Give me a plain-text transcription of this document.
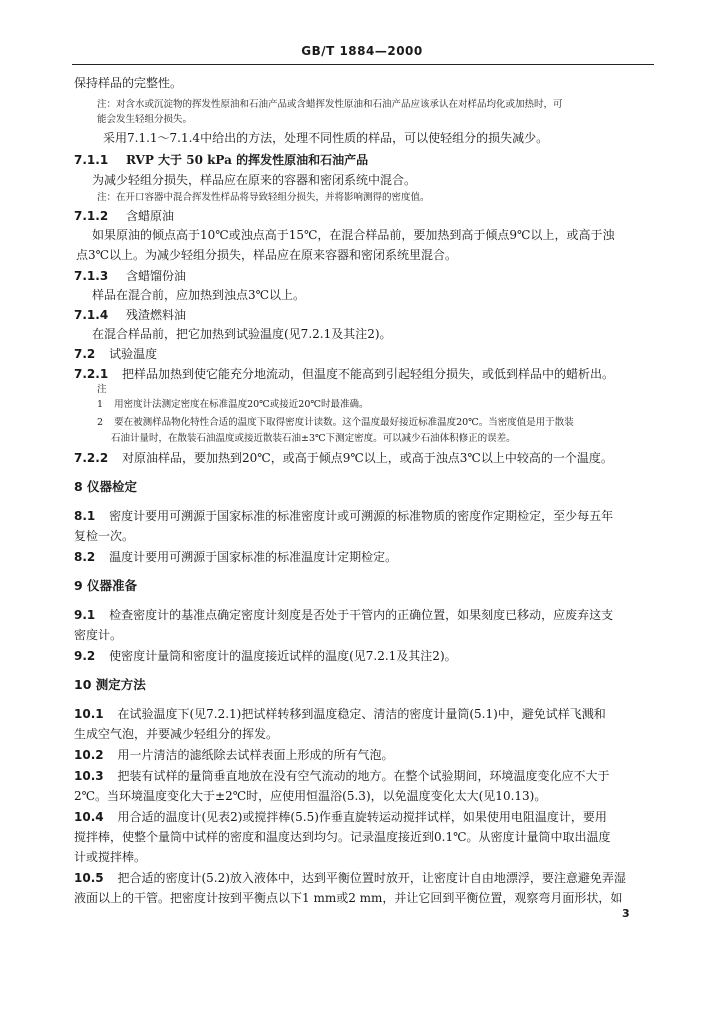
GB/T 1884—2000
保持样品的完整性。
注：对含水或沉淀物的挥发性原油和石油产品或含蜡挥发性原油和石油产品应该承认在对样品均化或加热时，可
能会发生轻组分损失。
采用7.1.1～7.1.4中给出的方法，处理不同性质的样品，可以使轻组分的损失减少。
7.1.1 RVP 大于 50 kPa 的挥发性原油和石油产品
为减少轻组分损失，样品应在原来的容器和密闭系统中混合。
注：在开口容器中混合挥发性样品将导致轻组分损失，并将影响测得的密度值。
7.1.2 含蜡原油
如果原油的倾点高于10℃或浊点高于15℃，在混合样品前，要加热到高于倾点9℃以上，或高于浊
点3℃以上。为减少轻组分损失，样品应在原来容器和密闭系统里混合。
7.1.3 含蜡馏份油
样品在混合前，应加热到浊点3℃以上。
7.1.4 残渣燃料油
在混合样品前，把它加热到试验温度(见7.2.1及其注2)。
7.2 试验温度
7.2.1 把样品加热到使它能充分地流动，但温度不能高到引起轻组分损失，或低到样品中的蜡析出。
注
1 用密度计法测定密度在标准温度20℃或接近20℃时最准确。
2 要在被测样品物化特性合适的温度下取得密度计读数。这个温度最好接近标准温度20℃。当密度值是用于散装
石油计量时，在散装石油温度或接近散装石油±3℃下测定密度。可以减少石油体积修正的误差。
7.2.2 对原油样品，要加热到20℃，或高于倾点9℃以上，或高于浊点3℃以上中较高的一个温度。
8 仪器检定
8.1 密度计要用可溯源于国家标准的标准密度计或可溯源的标准物质的密度作定期检定，至少每五年
复检一次。
8.2 温度计要用可溯源于国家标准的标准温度计定期检定。
9 仪器准备
9.1 检查密度计的基准点确定密度计刻度是否处于干管内的正确位置，如果刻度已移动，应废弃这支
密度计。
9.2 使密度计量筒和密度计的温度接近试样的温度(见7.2.1及其注2)。
10 测定方法
10.1 在试验温度下(见7.2.1)把试样转移到温度稳定、清洁的密度计量筒(5.1)中，避免试样飞溅和
生成空气泡，并要减少轻组分的挥发。
10.2 用一片清洁的滤纸除去试样表面上形成的所有气泡。
10.3 把装有试样的量筒垂直地放在没有空气流动的地方。在整个试验期间，环境温度变化应不大于
2℃。当环境温度变化大于±2℃时，应使用恒温浴(5.3)，以免温度变化太大(见10.13)。
10.4 用合适的温度计(见表2)或搅拌棒(5.5)作垂直旋转运动搅拌试样，如果使用电阻温度计，要用
搅拌棒，使整个量筒中试样的密度和温度达到均匀。记录温度接近到0.1℃。从密度计量筒中取出温度
计或搅拌棒。
10.5 把合适的密度计(5.2)放入液体中，达到平衡位置时放开，让密度计自由地漂浮，要注意避免弄湿
液面以上的干管。把密度计按到平衡点以下1 mm或2 mm，并让它回到平衡位置，观察弯月面形状，如
3
